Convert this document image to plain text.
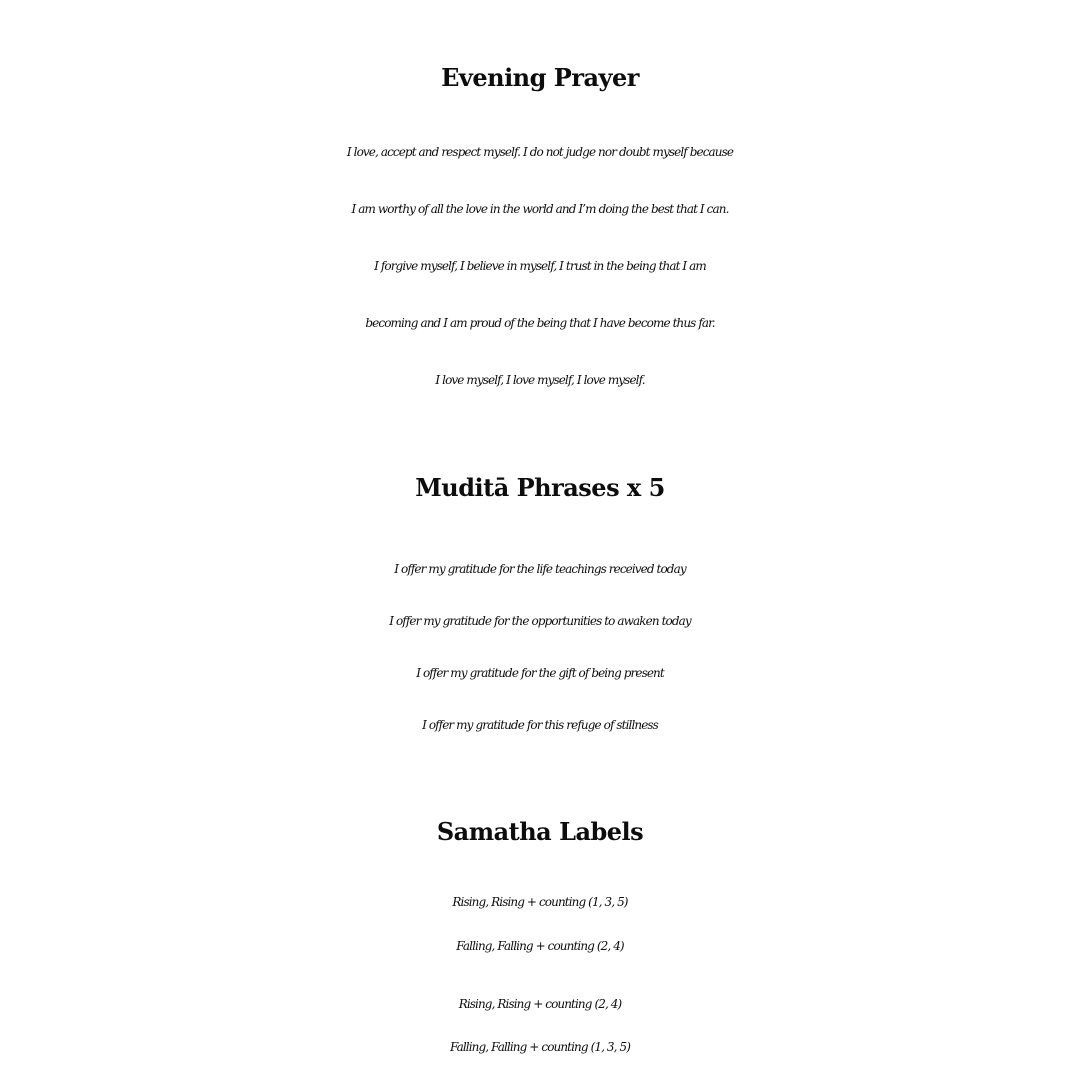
Evening Prayer

I love, accept and respect myself. I do not judge nor doubt myself because

I am worthy of all the love in the world and I’m doing the best that I can.

I forgive myself, I believe in myself, I trust in the being that I am

becoming and I am proud of the being that I have become thus far.

I love myself, I love myself, I love myself.

Muditā Phrases x 5

I offer my gratitude for the life teachings received today

I offer my gratitude for the opportunities to awaken today

I offer my gratitude for the gift of being present

I offer my gratitude for this refuge of stillness

Samatha Labels

Rising, Rising + counting (1, 3, 5)

Falling, Falling + counting (2, 4)

Rising, Rising + counting (2, 4)

Falling, Falling + counting (1, 3, 5)
